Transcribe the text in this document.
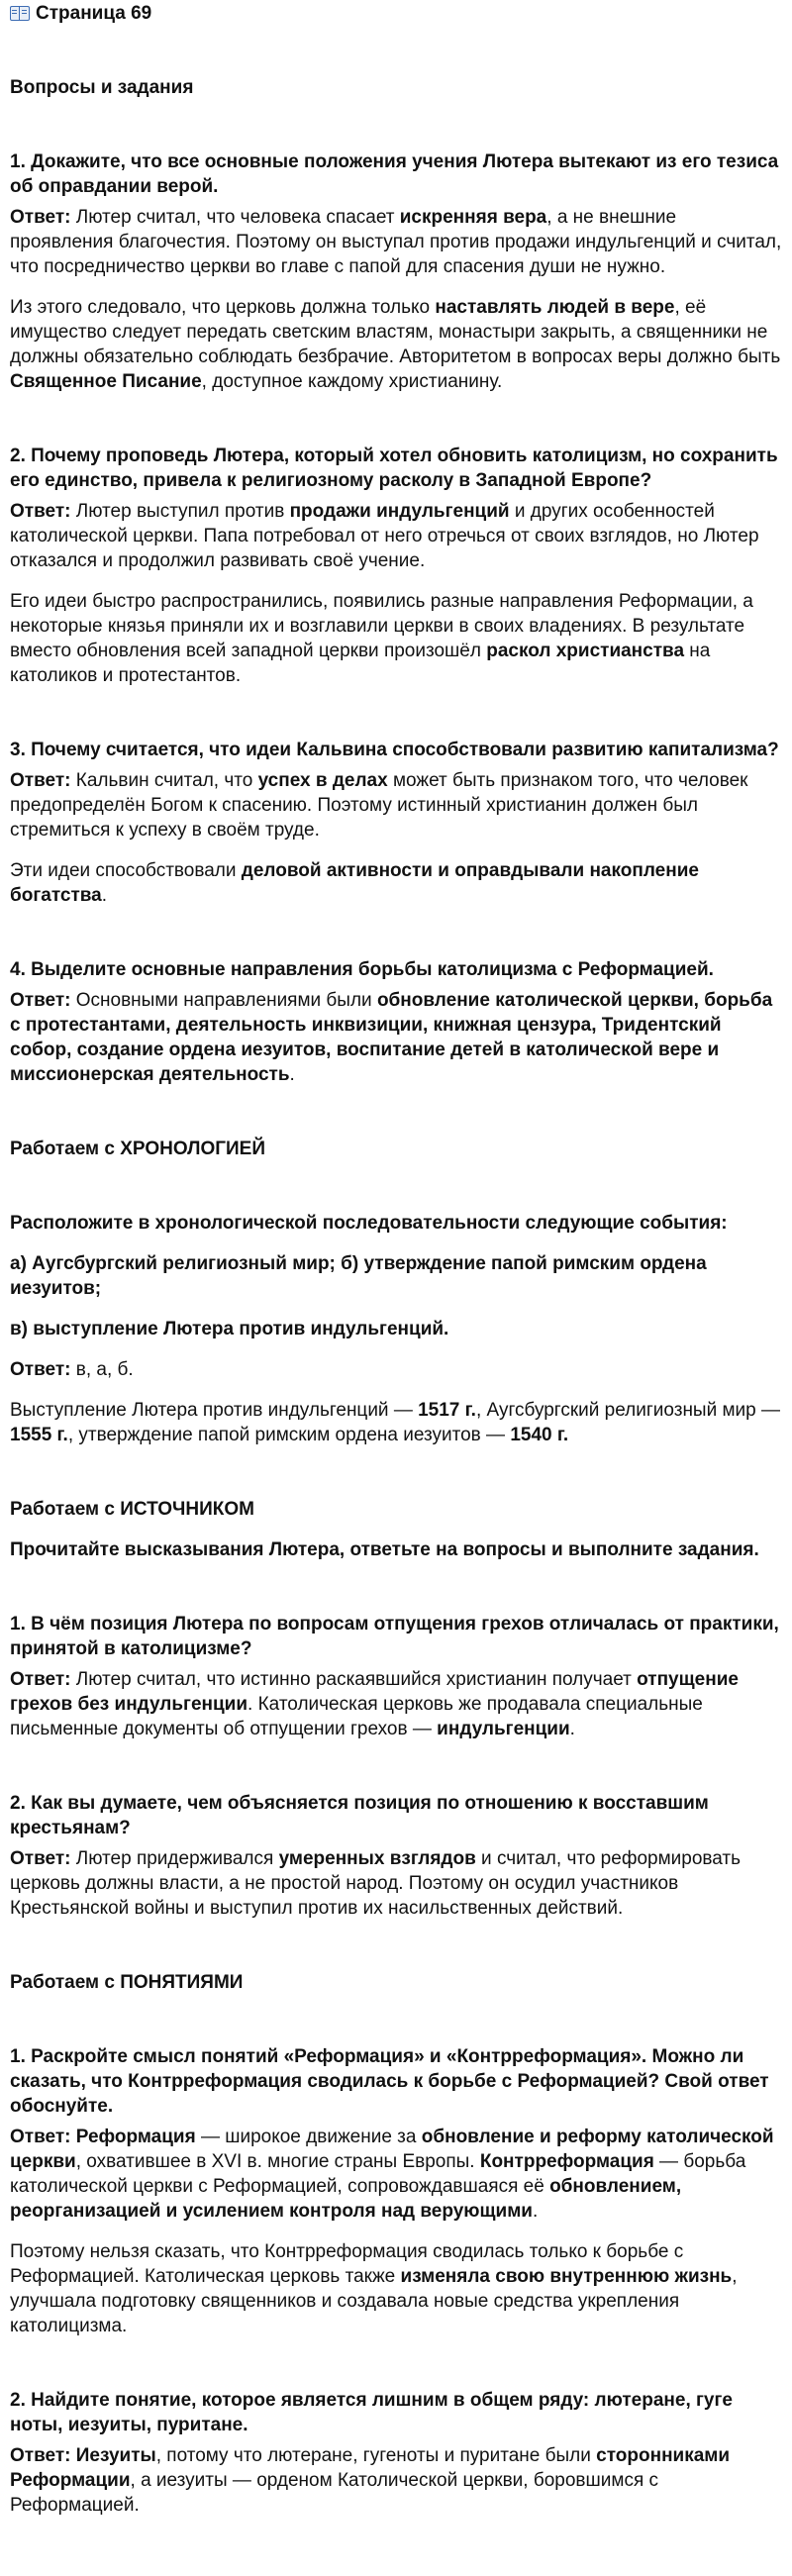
Страница 69

Вопросы и задания

1. Докажите, что все основные положения учения Лютера вытекают из его тезиса об оправдании верой.

Ответ: Лютер считал, что человека спасает искренняя вера, а не внешние проявления благочестия. Поэтому он выступал против продажи индульгенций и считал, что посредничество церкви во главе с папой для спасения души не нужно.

Из этого следовало, что церковь должна только наставлять людей в вере, её имущество следует передать светским властям, монастыри закрыть, а священники не должны обязательно соблюдать безбрачие. Авторитетом в вопросах веры должно быть Священное Писание, доступное каждому христианину.

2. Почему проповедь Лютера, который хотел обновить католицизм, но сохранить его единство, привела к религиозному расколу в Западной Европе?

Ответ: Лютер выступил против продажи индульгенций и других особенностей католической церкви. Папа потребовал от него отречься от своих взглядов, но Лютер отказался и продолжил развивать своё учение.

Его идеи быстро распространились, появились разные направления Реформации, а некоторые князья приняли их и возглавили церкви в своих владениях. В результате вместо обновления всей западной церкви произошёл раскол христианства на католиков и протестантов.

3. Почему считается, что идеи Кальвина способствовали развитию капитализма?

Ответ: Кальвин считал, что успех в делах может быть признаком того, что человек предопределён Богом к спасению. Поэтому истинный христианин должен был стремиться к успеху в своём труде.

Эти идеи способствовали деловой активности и оправдывали накопление богатства.

4. Выделите основные направления борьбы католицизма с Реформацией.

Ответ: Основными направлениями были обновление католической церкви, борьба с протестантами, деятельность инквизиции, книжная цензура, Тридентский собор, создание ордена иезуитов, воспитание детей в католической вере и миссионерская деятельность.

Работаем с ХРОНОЛОГИЕЙ

Расположите в хронологической последовательности следующие события:

а) Аугсбургский религиозный мир; б) утверждение папой римским ордена иезуитов;

в) выступление Лютера против индульгенций.

Ответ: в, а, б.

Выступление Лютера против индульгенций — 1517 г., Аугсбургский религиозный мир — 1555 г., утверждение папой римским ордена иезуитов — 1540 г.

Работаем с ИСТОЧНИКОМ

Прочитайте высказывания Лютера, ответьте на вопросы и выполните задания.

1. В чём позиция Лютера по вопросам отпущения грехов отличалась от практики, принятой в католицизме?

Ответ: Лютер считал, что истинно раскаявшийся христианин получает отпущение грехов без индульгенции. Католическая церковь же продавала специальные письменные документы об отпущении грехов — индульгенции.

2. Как вы думаете, чем объясняется позиция по отношению к восставшим крестьянам?

Ответ: Лютер придерживался умеренных взглядов и считал, что реформировать церковь должны власти, а не простой народ. Поэтому он осудил участников Крестьянской войны и выступил против их насильственных действий.

Работаем с ПОНЯТИЯМИ

1. Раскройте смысл понятий «Реформация» и «Контрреформация». Можно ли сказать, что Контрреформация сводилась к борьбе с Реформацией? Свой ответ обоснуйте.

Ответ: Реформация — широкое движение за обновление и реформу католической церкви, охватившее в XVI в. многие страны Европы. Контрреформация — борьба католической церкви с Реформацией, сопровождавшаяся её обновлением, реорганизацией и усилением контроля над верующими.

Поэтому нельзя сказать, что Контрреформация сводилась только к борьбе с Реформацией. Католическая церковь также изменяла свою внутреннюю жизнь, улучшала подготовку священников и создавала новые средства укрепления католицизма.

2. Найдите понятие, которое является лишним в общем ряду: лютеране, гуге ноты, иезуиты, пуритане.

Ответ: Иезуиты, потому что лютеране, гугеноты и пуритане были сторонниками Реформации, а иезуиты — орденом Католической церкви, боровшимся с Реформацией.
